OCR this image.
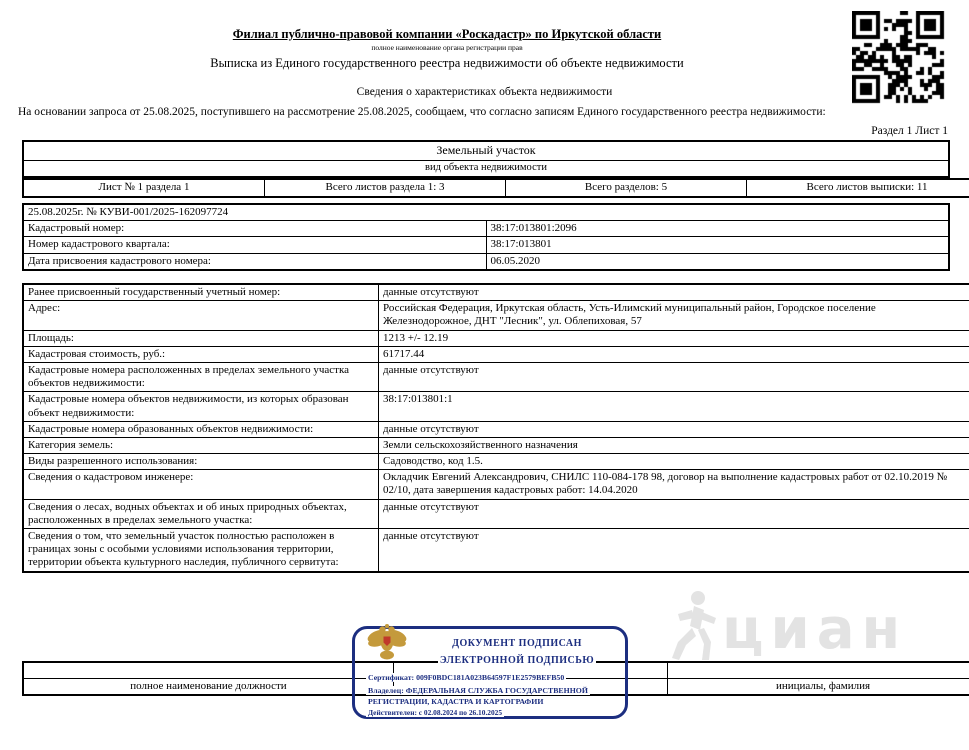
циан
Филиал публично-правовой компании «Роскадастр» по Иркутской области
полное наименование органа регистрации прав
Выписка из Единого государственного реестра недвижимости об объекте недвижимости
Сведения о характеристиках объекта недвижимости
На основании запроса от 25.08.2025, поступившего на рассмотрение 25.08.2025, сообщаем, что согласно записям Единого государственного реестра недвижимости:
Раздел 1 Лист 1
Земельный участок
вид объекта недвижимости
Лист № 1 раздела 1	Всего листов раздела 1: 3	Всего разделов: 5	Всего листов выписки: 11
25.08.2025г. № КУВИ-001/2025-162097724	
Кадастровый номер:	38:17:013801:2096
Номер кадастрового квартала:	38:17:013801
Дата присвоения кадастрового номера:	06.05.2020
Ранее присвоенный государственный учетный номер:	данные отсутствуют
Адрес:	Российская Федерация, Иркутская область, Усть-Илимский муниципальный район, Городское поселение Железнодорожное, ДНТ "Лесник", ул. Облепиховая, 57
Площадь:	1213 +/- 12.19
Кадастровая стоимость, руб.:	61717.44
Кадастровые номера расположенных в пределах земельного участка объектов недвижимости:	данные отсутствуют
Кадастровые номера объектов недвижимости, из которых образован объект недвижимости:	38:17:013801:1
Кадастровые номера образованных объектов недвижимости:	данные отсутствуют
Категория земель:	Земли сельскохозяйственного назначения
Виды разрешенного использования:	Садоводство, код 1.5.
Сведения о кадастровом инженере:	Окладчик Евгений Александрович, СНИЛС 110-084-178 98, договор на выполнение кадастровых работ от 02.10.2019 № 02/10, дата завершения кадастровых работ: 14.04.2020
Сведения о лесах, водных объектах и об иных природных объектах, расположенных в пределах земельного участка:	данные отсутствуют
Сведения о том, что земельный участок полностью расположен в границах зоны с особыми условиями использования территории, территории объекта культурного наследия, публичного сервитута:	данные отсутствуют

полное наименование должности		инициалы, фамилия
ДОКУМЕНТ ПОДПИСАН
ЭЛЕКТРОННОЙ ПОДПИСЬЮ
Сертификат: 009F0BDC181A023B64597F1E2579BEFB50
Владелец: ФЕДЕРАЛЬНАЯ СЛУЖБА ГОСУДАРСТВЕННОЙ
РЕГИСТРАЦИИ, КАДАСТРА И КАРТОГРАФИИ
Действителен: с 02.08.2024 по 26.10.2025
